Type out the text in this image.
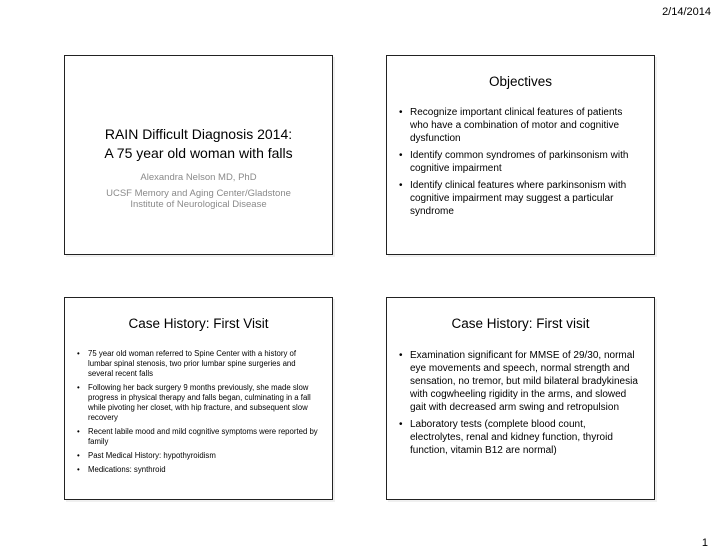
2/14/2014
RAIN Difficult Diagnosis 2014:
A 75 year old woman with falls
Alexandra Nelson MD, PhD
UCSF Memory and Aging Center/Gladstone Institute of Neurological Disease
Objectives
• Recognize important clinical features of patients who have a combination of motor and cognitive dysfunction
• Identify common syndromes of parkinsonism with cognitive impairment
• Identify clinical features where parkinsonism with cognitive impairment may suggest a particular syndrome
Case History: First Visit
• 75 year old woman referred to Spine Center with a history of lumbar spinal stenosis, two prior lumbar spine surgeries and several recent falls
• Following her back surgery 9 months previously, she made slow progress in physical therapy and falls began, culminating in a fall while pivoting her closet, with hip fracture, and subsequent slow recovery
• Recent labile mood and mild cognitive symptoms were reported by family
• Past Medical History: hypothyroidism
• Medications: synthroid
Case History: First visit
• Examination significant for MMSE of 29/30, normal eye movements and speech, normal strength and sensation, no tremor, but mild bilateral bradykinesia with cogwheeling rigidity in the arms, and slowed gait with decreased arm swing and retropulsion
• Laboratory tests (complete blood count, electrolytes, renal and kidney function, thyroid function, vitamin B12 are normal)
1
